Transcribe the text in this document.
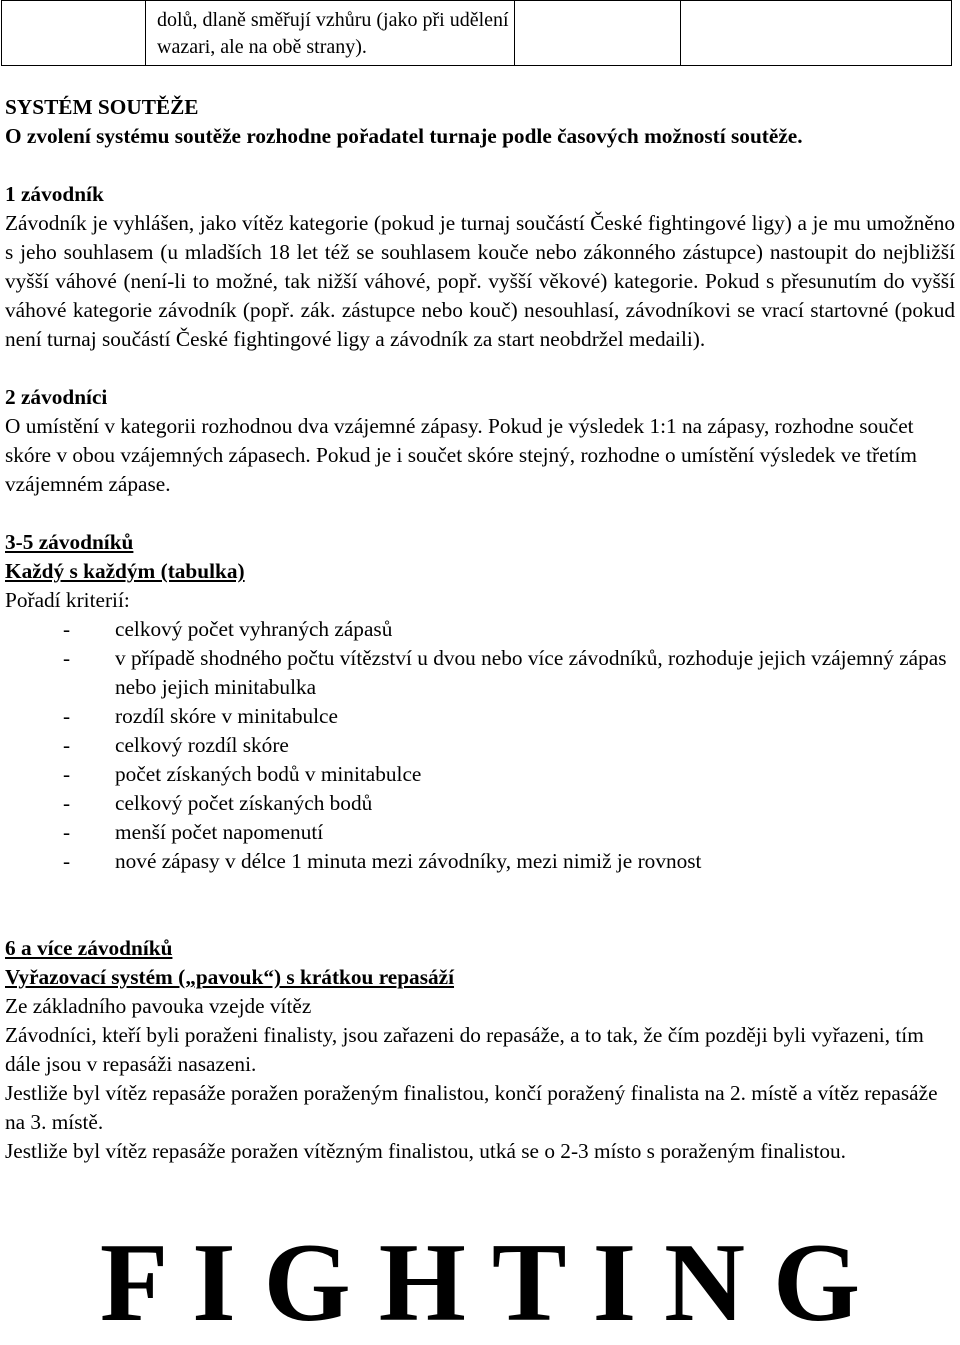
	dolů, dlaně směřují vzhůru (jako při udělení wazari, ale na obě strany).		

SYSTÉM SOUTĚŽE

O zvolení systému soutěže rozhodne pořadatel turnaje podle časových možností soutěže.

1 závodník

Závodník je vyhlášen, jako vítěz kategorie (pokud je turnaj součástí České fightingové ligy) a je mu umožněno s jeho souhlasem (u mladších 18 let též se souhlasem kouče nebo zákonného zástupce) nastoupit do nejbližší vyšší váhové (není-li to možné, tak nižší váhové, popř. vyšší věkové) kategorie. Pokud s přesunutím do vyšší váhové kategorie závodník (popř. zák. zástupce nebo kouč) nesouhlasí, závodníkovi se vrací startovné (pokud není turnaj součástí České fightingové ligy a závodník za start neobdržel medaili).

2 závodníci

O umístění v kategorii rozhodnou dva vzájemné zápasy. Pokud je výsledek 1:1 na zápasy, rozhodne součet skóre v obou vzájemných zápasech. Pokud je i součet skóre stejný, rozhodne o umístění výsledek ve třetím vzájemném zápase.

3-5 závodníků

Každý s každým (tabulka)

Pořadí kriterií:

- celkový počet vyhraných zápasů
- v případě shodného počtu vítězství u dvou nebo více závodníků, rozhoduje jejich vzájemný zápas nebo jejich minitabulka
- rozdíl skóre v minitabulce
- celkový rozdíl skóre
- počet získaných bodů v minitabulce
- celkový počet získaných bodů
- menší počet napomenutí
- nové zápasy v délce 1 minuta mezi závodníky, mezi nimiž je rovnost

6 a více závodníků

Vyřazovací systém („pavouk“) s krátkou repasáží

Ze základního pavouka vzejde vítěz

Závodníci, kteří byli poraženi finalisty, jsou zařazeni do repasáže, a to tak, že čím později byli vyřazeni, tím dále jsou v repasáži nasazeni.

Jestliže byl vítěz repasáže poražen poraženým finalistou, končí poražený finalista na 2. místě a vítěz repasáže na 3. místě.

Jestliže byl vítěz repasáže poražen vítězným finalistou, utká se o 2-3 místo s poraženým finalistou.

F I G H T I N G
